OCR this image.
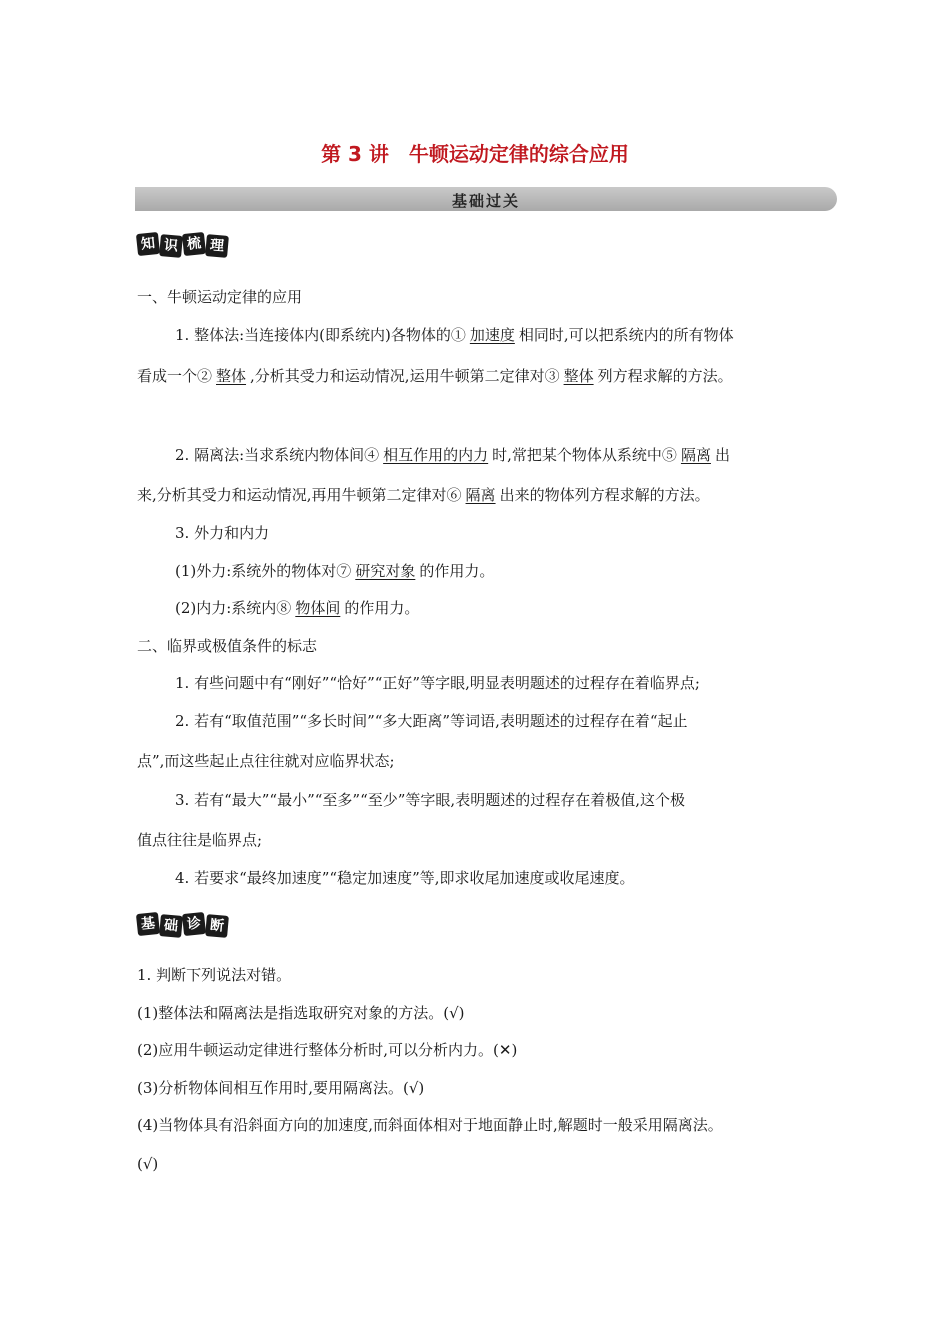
第 3 讲　牛顿运动定律的综合应用
基础过关
知 识 梳 理
一、牛顿运动定律的应用
1. 整体法:当连接体内(即系统内)各物体的① 加速度 相同时,可以把系统内的所有物体
看成一个② 整体 ,分析其受力和运动情况,运用牛顿第二定律对③ 整体 列方程求解的方法。
2. 隔离法:当求系统内物体间④ 相互作用的内力 时,常把某个物体从系统中⑤ 隔离 出
来,分析其受力和运动情况,再用牛顿第二定律对⑥ 隔离 出来的物体列方程求解的方法。
3. 外力和内力
(1)外力:系统外的物体对⑦ 研究对象 的作用力。
(2)内力:系统内⑧ 物体间 的作用力。
二、临界或极值条件的标志
1. 有些问题中有“刚好”“恰好”“正好”等字眼,明显表明题述的过程存在着临界点;
2. 若有“取值范围”“多长时间”“多大距离”等词语,表明题述的过程存在着“起止
点”,而这些起止点往往就对应临界状态;
3. 若有“最大”“最小”“至多”“至少”等字眼,表明题述的过程存在着极值,这个极
值点往往是临界点;
4. 若要求“最终加速度”“稳定加速度”等,即求收尾加速度或收尾速度。
基 础 诊 断
1. 判断下列说法对错。
(1)整体法和隔离法是指选取研究对象的方法。(√)
(2)应用牛顿运动定律进行整体分析时,可以分析内力。(✕)
(3)分析物体间相互作用时,要用隔离法。(√)
(4)当物体具有沿斜面方向的加速度,而斜面体相对于地面静止时,解题时一般采用隔离法。
(√)
